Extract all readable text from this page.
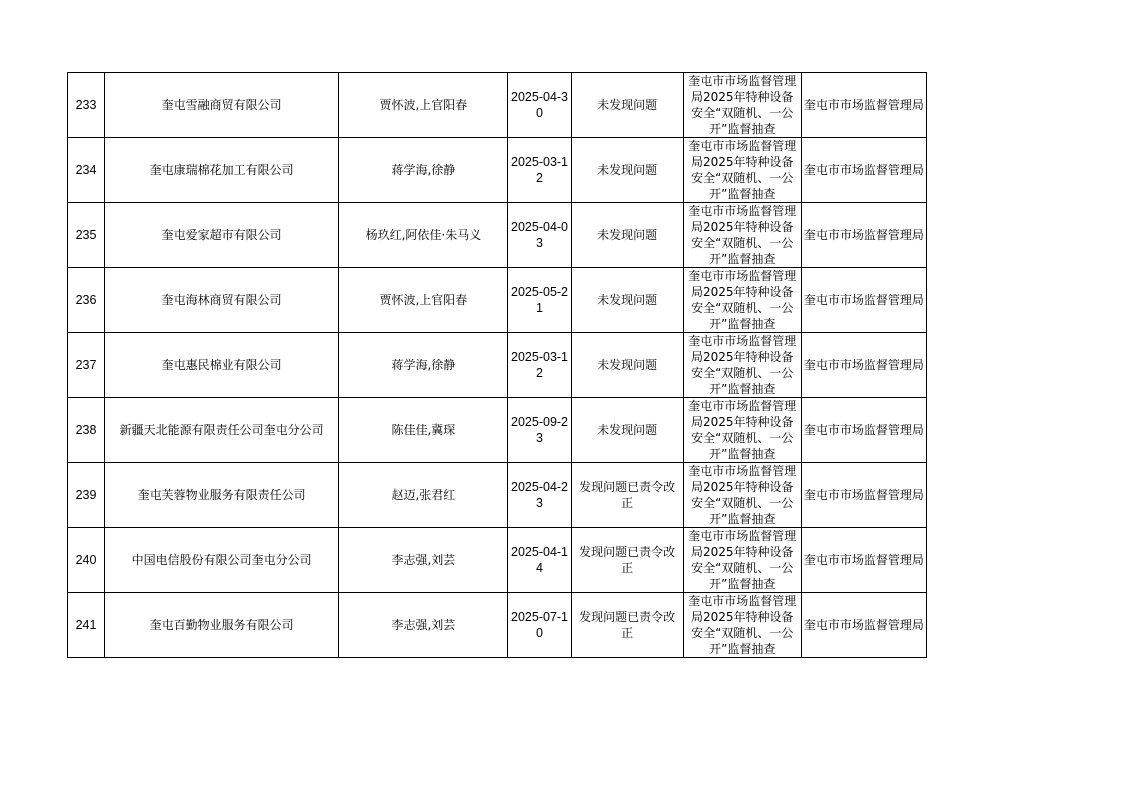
233	奎屯雪融商贸有限公司	贾怀波,上官阳春	2025-04-30	未发现问题	奎屯市市场监督管理局2025年特种设备安全“双随机、一公开”监督抽查	奎屯市市场监督管理局
234	奎屯康瑞棉花加工有限公司	蒋学海,徐静	2025-03-12	未发现问题	奎屯市市场监督管理局2025年特种设备安全“双随机、一公开”监督抽查	奎屯市市场监督管理局
235	奎屯爱家超市有限公司	杨玖红,阿依佳·朱马义	2025-04-03	未发现问题	奎屯市市场监督管理局2025年特种设备安全“双随机、一公开”监督抽查	奎屯市市场监督管理局
236	奎屯海林商贸有限公司	贾怀波,上官阳春	2025-05-21	未发现问题	奎屯市市场监督管理局2025年特种设备安全“双随机、一公开”监督抽查	奎屯市市场监督管理局
237	奎屯惠民棉业有限公司	蒋学海,徐静	2025-03-12	未发现问题	奎屯市市场监督管理局2025年特种设备安全“双随机、一公开”监督抽查	奎屯市市场监督管理局
238	新疆天北能源有限责任公司奎屯分公司	陈佳佳,冀琛	2025-09-23	未发现问题	奎屯市市场监督管理局2025年特种设备安全“双随机、一公开”监督抽查	奎屯市市场监督管理局
239	奎屯芙蓉物业服务有限责任公司	赵迈,张君红	2025-04-23	发现问题已责令改正	奎屯市市场监督管理局2025年特种设备安全“双随机、一公开”监督抽查	奎屯市市场监督管理局
240	中国电信股份有限公司奎屯分公司	李志强,刘芸	2025-04-14	发现问题已责令改正	奎屯市市场监督管理局2025年特种设备安全“双随机、一公开”监督抽查	奎屯市市场监督管理局
241	奎屯百勤物业服务有限公司	李志强,刘芸	2025-07-10	发现问题已责令改正	奎屯市市场监督管理局2025年特种设备安全“双随机、一公开”监督抽查	奎屯市市场监督管理局
